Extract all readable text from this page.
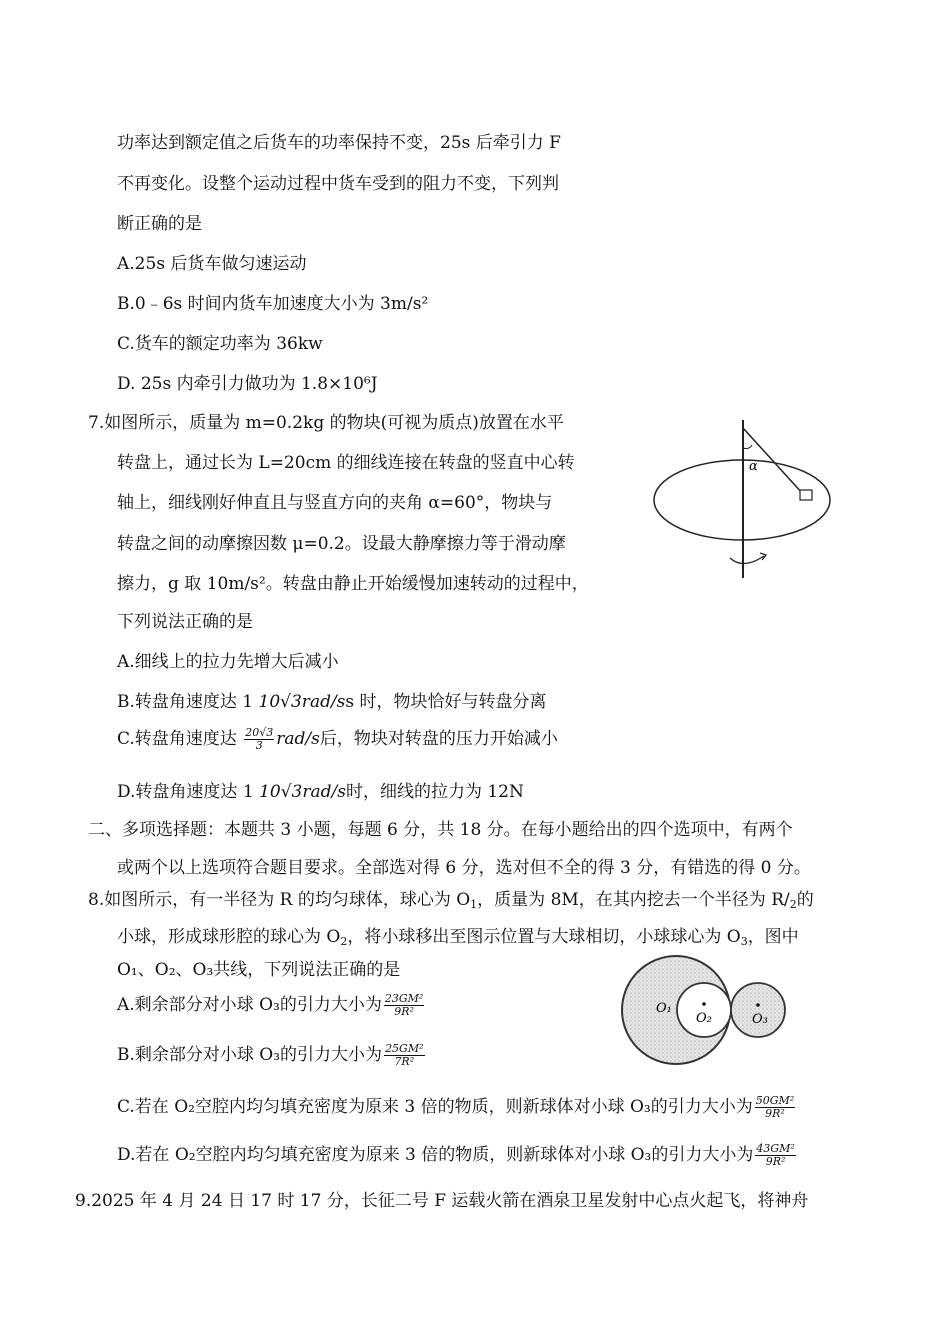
功率达到额定值之后货车的功率保持不变，25s 后牵引力 F
不再变化。设整个运动过程中货车受到的阻力不变，下列判
断正确的是
A.25s 后货车做匀速运动
B.0﹣6s 时间内货车加速度大小为 3m/s²
C.货车的额定功率为 36kw
D. 25s 内牵引力做功为 1.8×10⁶J
7.如图所示，质量为 m=0.2kg 的物块(可视为质点)放置在水平
转盘上，通过长为 L=20cm 的细线连接在转盘的竖直中心转
轴上，细线刚好伸直且与竖直方向的夹角 α=60°，物块与
转盘之间的动摩擦因数 μ=0.2。设最大静摩擦力等于滑动摩
擦力，g 取 10m/s²。转盘由静止开始缓慢加速转动的过程中，
下列说法正确的是
A.细线上的拉力先增大后减小
B.转盘角速度达 1 10√3rad/ss 时，物块恰好与转盘分离
C.转盘角速度达 $\frac{20√3}{3} rad/s$后，物块对转盘的压力开始减小
D.转盘角速度达 1 10√3rad/s时，细线的拉力为 12N
α
二、多项选择题：本题共 3 小题，每题 6 分，共 18 分。在每小题给出的四个选项中，有两个
或两个以上选项符合题目要求。全部选对得 6 分，选对但不全的得 3 分，有错选的得 0 分。
8.如图所示，有一半径为 R 的均匀球体，球心为 $O_1$，质量为 8M，在其内挖去一个半径为 $R/_2$的
小球，形成球形腔的球心为 $O_2$，将小球移出至图示位置与大球相切，小球球心为 $O_3$，图中
O₁、O₂、O₃共线，下列说法正确的是
A.剩余部分对小球 O₃的引力大小为 $\frac{\text{23GM²}}{\text{9R²}}$
B.剩余部分对小球 O₃的引力大小为 $\frac{\text{25GM²}}{\text{7R²}}$
C.若在 O₂空腔内均匀填充密度为原来 3 倍的物质，则新球体对小球 O₃的引力大小为 $\frac{\text{50GM²}}{\text{9R²}}$
D.若在 O₂空腔内均匀填充密度为原来 3 倍的物质，则新球体对小球 O₃的引力大小为 $\frac{\text{43GM²}}{\text{9R²}}$
O₁
O₂	O₃
9.2025 年 4 月 24 日 17 时 17 分，长征二号 F 运载火箭在酒泉卫星发射中心点火起飞，将神舟
